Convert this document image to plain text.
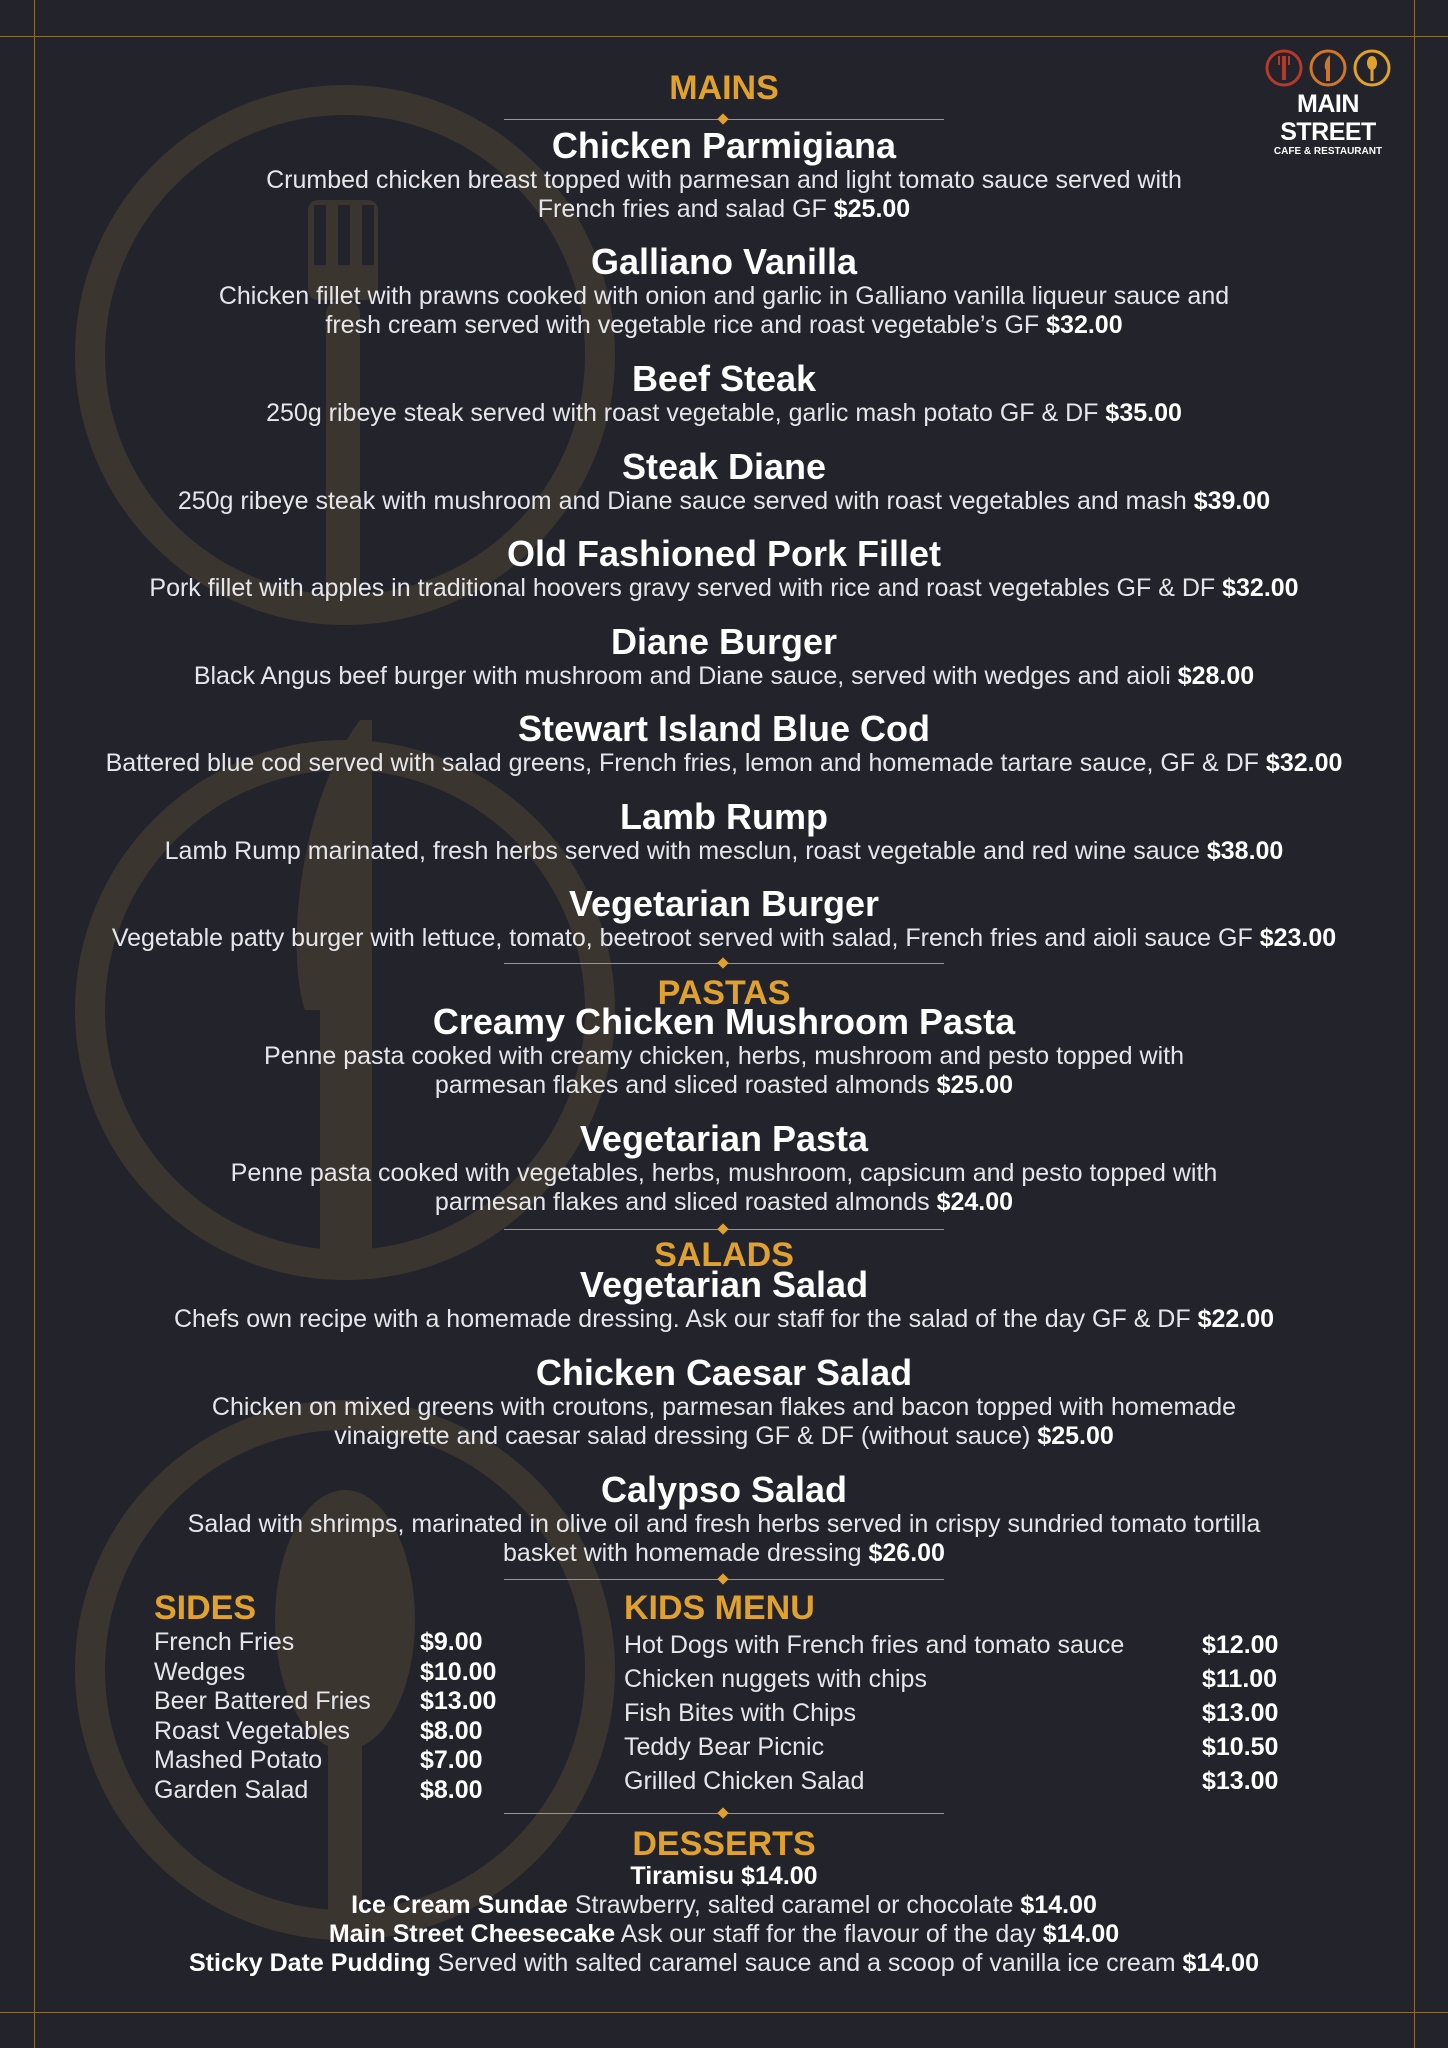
MAIN STREET
CAFE & RESTAURANT
MAINS
Chicken Parmigiana
Crumbed chicken breast topped with parmesan and light tomato sauce served with
French fries and salad GF $25.00
Galliano Vanilla
Chicken fillet with prawns cooked with onion and garlic in Galliano vanilla liqueur sauce and
fresh cream served with vegetable rice and roast vegetable’s GF $32.00
Beef Steak
250g ribeye steak served with roast vegetable, garlic mash potato GF & DF $35.00
Steak Diane
250g ribeye steak with mushroom and Diane sauce served with roast vegetables and mash $39.00
Old Fashioned Pork Fillet
Pork fillet with apples in traditional hoovers gravy served with rice and roast vegetables GF & DF $32.00
Diane Burger
Black Angus beef burger with mushroom and Diane sauce, served with wedges and aioli $28.00
Stewart Island Blue Cod
Battered blue cod served with salad greens, French fries, lemon and homemade tartare sauce, GF & DF $32.00
Lamb Rump
Lamb Rump marinated, fresh herbs served with mesclun, roast vegetable and red wine sauce $38.00
Vegetarian Burger
Vegetable patty burger with lettuce, tomato, beetroot served with salad, French fries and aioli sauce GF $23.00
PASTAS
Creamy Chicken Mushroom Pasta
Penne pasta cooked with creamy chicken, herbs, mushroom and pesto topped with
parmesan flakes and sliced roasted almonds $25.00
Vegetarian Pasta
Penne pasta cooked with vegetables, herbs, mushroom, capsicum and pesto topped with
parmesan flakes and sliced roasted almonds $24.00
SALADS
Vegetarian Salad
Chefs own recipe with a homemade dressing. Ask our staff for the salad of the day GF & DF $22.00
Chicken Caesar Salad
Chicken on mixed greens with croutons, parmesan flakes and bacon topped with homemade
vinaigrette and caesar salad dressing GF & DF (without sauce) $25.00
Calypso Salad
Salad with shrimps, marinated in olive oil and fresh herbs served in crispy sundried tomato tortilla
basket with homemade dressing $26.00
SIDES
French Fries	$9.00
Wedges	$10.00
Beer Battered Fries $13.00
Roast Vegetables	$8.00
Mashed Potato	$7.00
Garden Salad	$8.00
KIDS MENU
Hot Dogs with French fries and tomato sauce	$12.00
Chicken nuggets with chips	$11.00
Fish Bites with Chips	$13.00
Teddy Bear Picnic	$10.50
Grilled Chicken Salad	$13.00
DESSERTS
Tiramisu $14.00
Ice Cream Sundae Strawberry, salted caramel or chocolate $14.00
Main Street Cheesecake Ask our staff for the flavour of the day $14.00
Sticky Date Pudding Served with salted caramel sauce and a scoop of vanilla ice cream $14.00
